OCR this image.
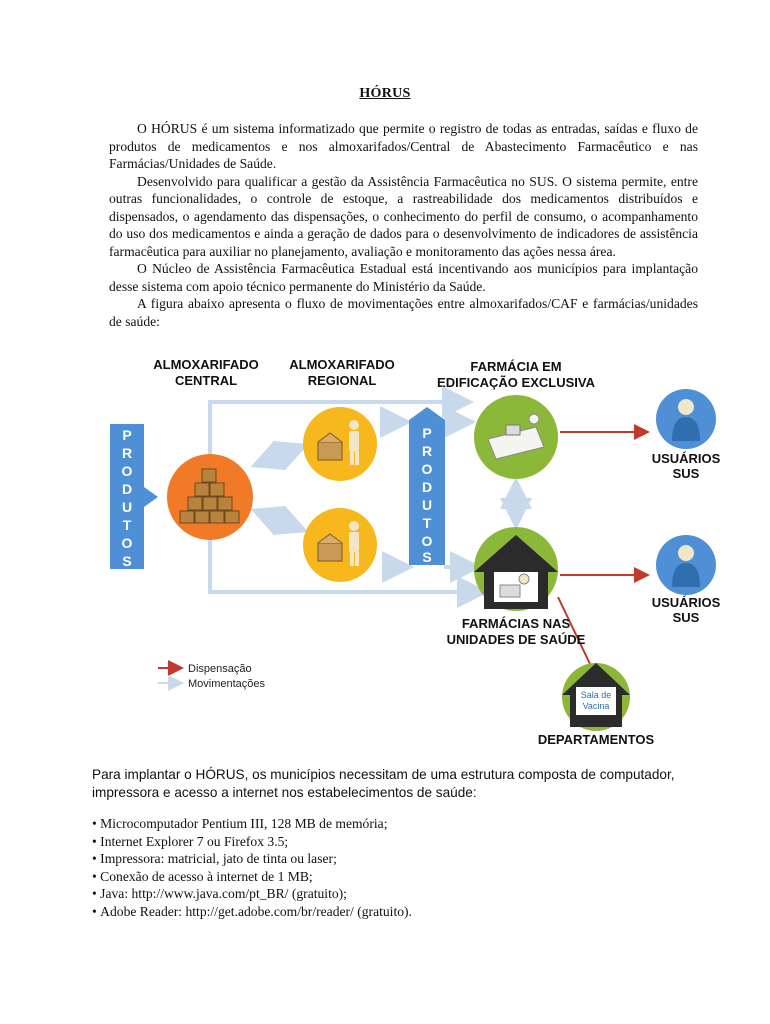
HÓRUS

O HÓRUS é um sistema informatizado que permite o registro de todas as entradas, saídas e fluxo de produtos de medicamentos e nos almoxarifados/Central de Abastecimento Farmacêutico e nas Farmácias/Unidades de Saúde.

Desenvolvido para qualificar a gestão da Assistência Farmacêutica no SUS. O sistema permite, entre outras funcionalidades, o controle de estoque, a rastreabilidade dos medicamentos distribuídos e dispensados, o agendamento das dispensações, o conhecimento do perfil de consumo, o acompanhamento do uso dos medicamentos e ainda a geração de dados para o desenvolvimento de indicadores de assistência farmacêutica para auxiliar no planejamento, avaliação e monitoramento das ações nessa área.

O Núcleo de Assistência Farmacêutica Estadual está incentivando aos municípios para implantação desse sistema com apoio técnico permanente do Ministério da Saúde.

A figura abaixo apresenta o fluxo de movimentações entre almoxarifados/CAF e farmácias/unidades de saúde:

ALMOXARIFADO
CENTRAL
ALMOXARIFADO
REGIONAL
FARMÁCIA EM
EDIFICAÇÃO EXCLUSIVA
P
R
O
D
U
T
O
S
P
R
O
D
U
T
O
S
USUÁRIOS
SUS
USUÁRIOS
SUS
FARMÁCIAS NAS
UNIDADES DE SAÚDE
Dispensação
Movimentações
Sala de
Vacina
DEPARTAMENTOS
Para implantar o HÓRUS, os municípios necessitam de uma estrutura composta de computador, impressora e acesso a internet nos estabelecimentos de saúde:
• Microcomputador Pentium III, 128 MB de memória;
• Internet Explorer 7 ou Firefox 3.5;
• Impressora: matricial, jato de tinta ou laser;
• Conexão de acesso à internet de 1 MB;
• Java: http://www.java.com/pt_BR/ (gratuito);
• Adobe Reader: http://get.adobe.com/br/reader/ (gratuito).
